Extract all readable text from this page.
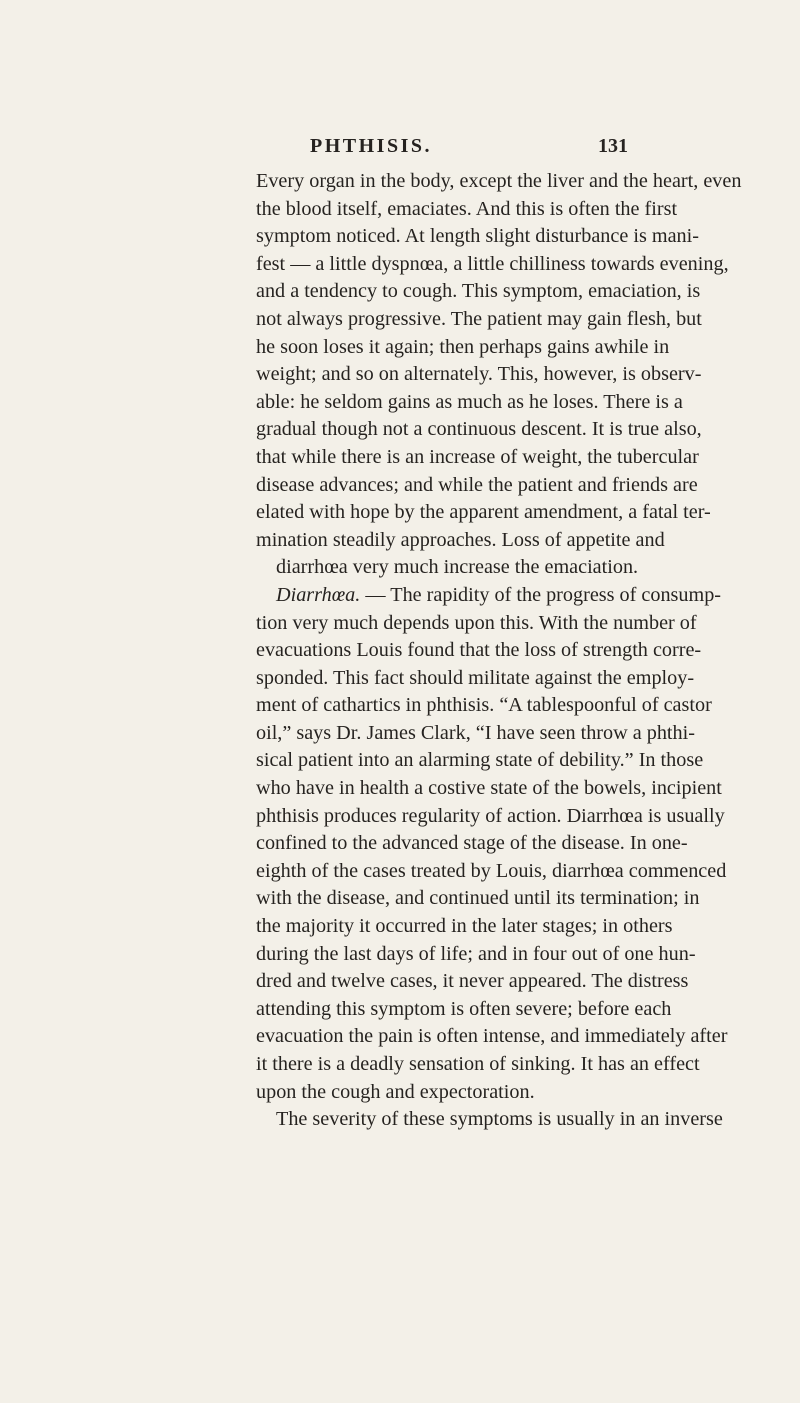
PHTHISIS.	131
Every organ in the body, except the liver and the heart, even
the blood itself, emaciates. And this is often the first
symptom noticed. At length slight disturbance is mani-
fest — a little dyspnœa, a little chilliness towards evening,
and a tendency to cough. This symptom, emaciation, is
not always progressive. The patient may gain flesh, but
he soon loses it again; then perhaps gains awhile in
weight; and so on alternately. This, however, is observ-
able: he seldom gains as much as he loses. There is a
gradual though not a continuous descent. It is true also,
that while there is an increase of weight, the tubercular
disease advances; and while the patient and friends are
elated with hope by the apparent amendment, a fatal ter-
mination steadily approaches. Loss of appetite and
diarrhœa very much increase the emaciation.
Diarrhœa. — The rapidity of the progress of consump-
tion very much depends upon this. With the number of
evacuations Louis found that the loss of strength corre-
sponded. This fact should militate against the employ-
ment of cathartics in phthisis. “A tablespoonful of castor
oil,” says Dr. James Clark, “I have seen throw a phthi-
sical patient into an alarming state of debility.” In those
who have in health a costive state of the bowels, incipient
phthisis produces regularity of action. Diarrhœa is usually
confined to the advanced stage of the disease. In one-
eighth of the cases treated by Louis, diarrhœa commenced
with the disease, and continued until its termination; in
the majority it occurred in the later stages; in others
during the last days of life; and in four out of one hun-
dred and twelve cases, it never appeared. The distress
attending this symptom is often severe; before each
evacuation the pain is often intense, and immediately after
it there is a deadly sensation of sinking. It has an effect
upon the cough and expectoration.
The severity of these symptoms is usually in an inverse
